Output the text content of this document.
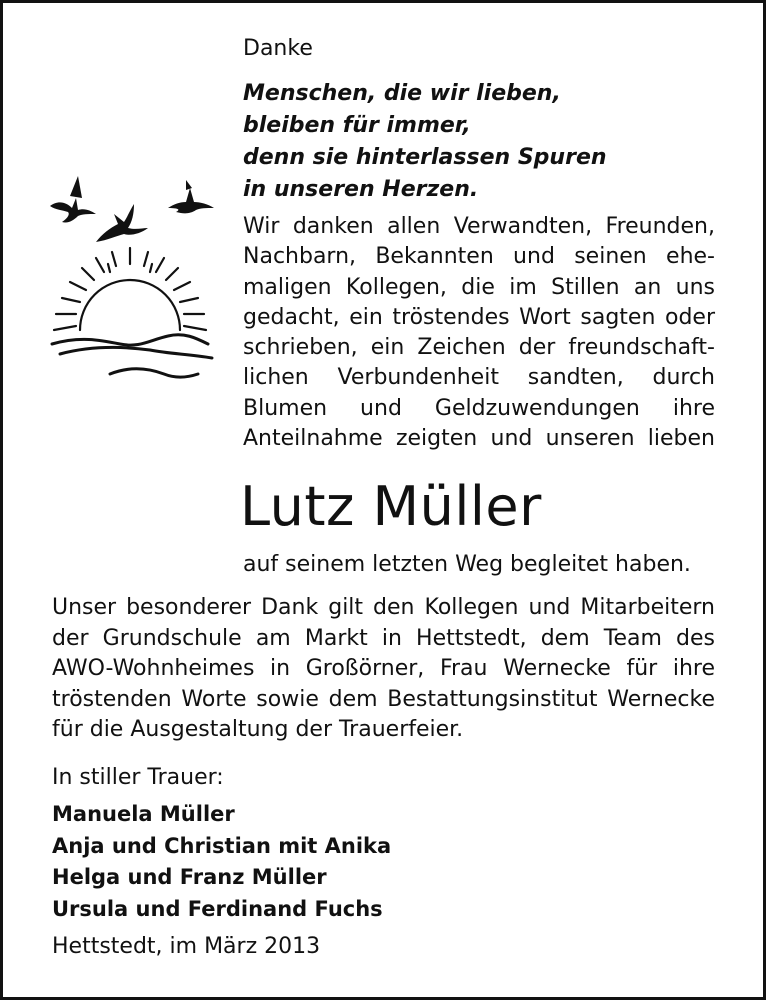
Danke
Menschen, die wir lieben,
bleiben für immer,
denn sie hinterlassen Spuren
in unseren Herzen.
Wir danken allen Verwandten, Freunden, Nachbarn, Bekannten und seinen ehemaligen Kollegen, die im Stillen an uns gedacht, ein tröstendes Wort sagten oder schrieben, ein Zeichen der freundschaftlichen Verbundenheit sandten, durch Blumen und Geldzuwendungen ihre Anteilnahme zeigten und unseren lieben
Lutz Müller
auf seinem letzten Weg begleitet haben.
Unser besonderer Dank gilt den Kollegen und Mitarbeitern der Grundschule am Markt in Hettstedt, dem Team des AWO-Wohnheimes in Großörner, Frau Wernecke für ihre tröstenden Worte sowie dem Bestattungsinstitut Wernecke für die Ausgestaltung der Trauerfeier.
In stiller Trauer:
Manuela Müller
Anja und Christian mit Anika
Helga und Franz Müller
Ursula und Ferdinand Fuchs
Hettstedt, im März 2013
